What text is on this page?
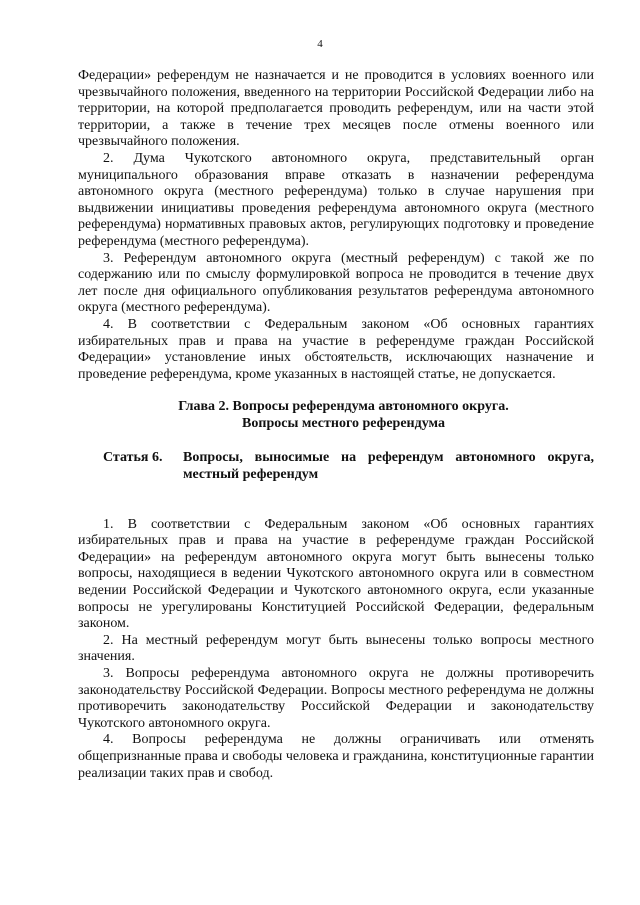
4

Федерации» референдум не назначается и не проводится в условиях военного или чрезвычайного положения, введенного на территории Российской Федерации либо на территории, на которой предполагается проводить референдум, или на части этой территории, а также в течение трех месяцев после отмены военного или чрезвычайного положения.

2. Дума Чукотского автономного округа, представительный орган муниципального образования вправе отказать в назначении референдума автономного округа (местного референдума) только в случае нарушения при выдвижении инициативы проведения референдума автономного округа (местного референдума) нормативных правовых актов, регулирующих подготовку и проведение референдума (местного референдума).

3. Референдум автономного округа (местный референдум) с такой же по содержанию или по смыслу формулировкой вопроса не проводится в течение двух лет после дня официального опубликования результатов референдума автономного округа (местного референдума).

4. В соответствии с Федеральным законом «Об основных гарантиях избирательных прав и права на участие в референдуме граждан Российской Федерации» установление иных обстоятельств, исключающих назначение и проведение референдума, кроме указанных в настоящей статье, не допускается.

Глава 2. Вопросы референдума автономного округа.
Вопросы местного референдума
Статья 6.	Вопросы, выносимые на референдум автономного округа, местный референдум

1. В соответствии с Федеральным законом «Об основных гарантиях избирательных прав и права на участие в референдуме граждан Российской Федерации» на референдум автономного округа могут быть вынесены только вопросы, находящиеся в ведении Чукотского автономного округа или в совместном ведении Российской Федерации и Чукотского автономного округа, если указанные вопросы не урегулированы Конституцией Российской Федерации, федеральным законом.

2. На местный референдум могут быть вынесены только вопросы местного значения.

3. Вопросы референдума автономного округа не должны противоречить законодательству Российской Федерации. Вопросы местного референдума не должны противоречить законодательству Российской Федерации и законодательству Чукотского автономного округа.

4. Вопросы референдума не должны ограничивать или отменять общепризнанные права и свободы человека и гражданина, конституционные гарантии реализации таких прав и свобод.
